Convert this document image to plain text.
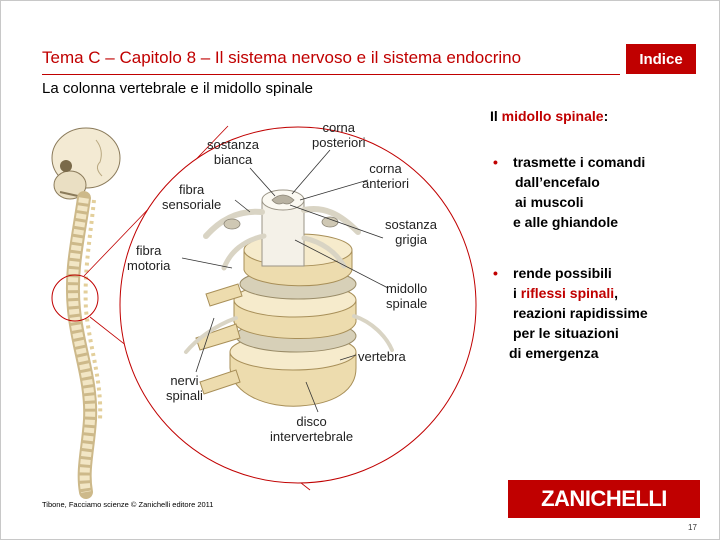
Tema C – Capitolo 8 – Il sistema nervoso e il sistema endocrino	Indice
La colonna vertebrale e il midollo spinale
sostanza
bianca
corna
posteriori
corna
anteriori
fibra
sensoriale
sostanza
grigia
fibra
motoria
midollo
spinale
vertebra
nervi
spinali
disco
intervertebrale
Il midollo spinale:
• trasmette i comandi
dall’encefalo
ai muscoli
e alle ghiandole
• rende possibili
i riflessi spinali,
reazioni rapidissime
per le situazioni
di emergenza
Tibone, Facciamo scienze © Zanichelli editore 2011	ZANICHELLI
17
